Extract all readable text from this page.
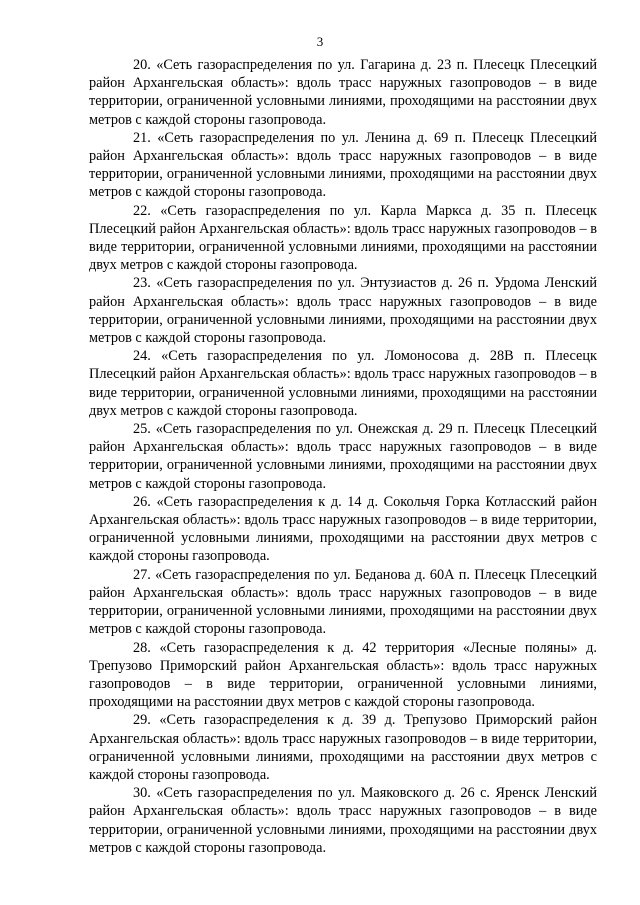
3

20. «Сеть газораспределения по ул. Гагарина д. 23 п. Плесецк Плесецкий район Архангельская область»: вдоль трасс наружных газопроводов – в виде территории, ограниченной условными линиями, проходящими на расстоянии двух метров с каждой стороны газопровода.

21. «Сеть газораспределения по ул. Ленина д. 69 п. Плесецк Плесецкий район Архангельская область»: вдоль трасс наружных газопроводов – в виде территории, ограниченной условными линиями, проходящими на расстоянии двух метров с каждой стороны газопровода.

22. «Сеть газораспределения по ул. Карла Маркса д. 35 п. Плесецк Плесецкий район Архангельская область»: вдоль трасс наружных газопроводов – в виде территории, ограниченной условными линиями, проходящими на расстоянии двух метров с каждой стороны газопровода.

23. «Сеть газораспределения по ул. Энтузиастов д. 26 п. Урдома Ленский район Архангельская область»: вдоль трасс наружных газопроводов – в виде территории, ограниченной условными линиями, проходящими на расстоянии двух метров с каждой стороны газопровода.

24. «Сеть газораспределения по ул. Ломоносова д. 28В п. Плесецк Плесецкий район Архангельская область»: вдоль трасс наружных газопроводов – в виде территории, ограниченной условными линиями, проходящими на расстоянии двух метров с каждой стороны газопровода.

25. «Сеть газораспределения по ул. Онежская д. 29 п. Плесецк Плесецкий район Архангельская область»: вдоль трасс наружных газопроводов – в виде территории, ограниченной условными линиями, проходящими на расстоянии двух метров с каждой стороны газопровода.

26. «Сеть газораспределения к д. 14 д. Сокольчя Горка Котласский район Архангельская область»: вдоль трасс наружных газопроводов – в виде территории, ограниченной условными линиями, проходящими на расстоянии двух метров с каждой стороны газопровода.

27. «Сеть газораспределения по ул. Беданова д. 60А п. Плесецк Плесецкий район Архангельская область»: вдоль трасс наружных газопроводов – в виде территории, ограниченной условными линиями, проходящими на расстоянии двух метров с каждой стороны газопровода.

28. «Сеть газораспределения к д. 42 территория «Лесные поляны» д. Трепузово Приморский район Архангельская область»: вдоль трасс наружных газопроводов – в виде территории, ограниченной условными линиями, проходящими на расстоянии двух метров с каждой стороны газопровода.

29. «Сеть газораспределения к д. 39 д. Трепузово Приморский район Архангельская область»: вдоль трасс наружных газопроводов – в виде территории, ограниченной условными линиями, проходящими на расстоянии двух метров с каждой стороны газопровода.

30. «Сеть газораспределения по ул. Маяковского д. 26 с. Яренск Ленский район Архангельская область»: вдоль трасс наружных газопроводов – в виде территории, ограниченной условными линиями, проходящими на расстоянии двух метров с каждой стороны газопровода.
